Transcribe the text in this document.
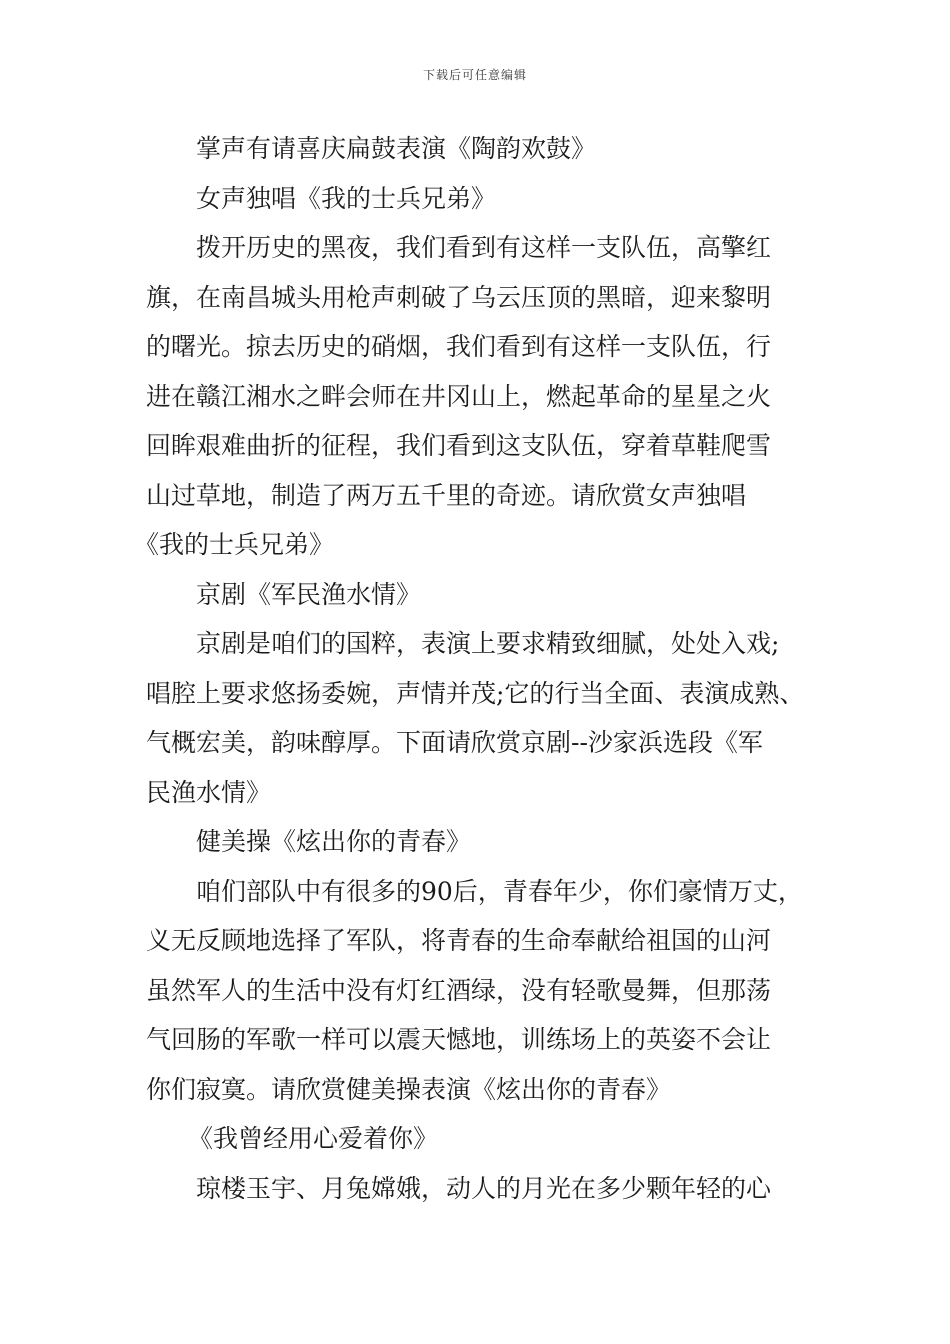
下载后可任意编辑
掌声有请喜庆扁鼓表演《陶韵欢鼓》
女声独唱《我的士兵兄弟》
拨开历史的黑夜，我们看到有这样一支队伍，高擎红
旗，在南昌城头用枪声刺破了乌云压顶的黑暗，迎来黎明
的曙光。掠去历史的硝烟，我们看到有这样一支队伍，行
进在赣江湘水之畔会师在井冈山上，燃起革命的星星之火
回眸艰难曲折的征程，我们看到这支队伍，穿着草鞋爬雪
山过草地，制造了两万五千里的奇迹。请欣赏女声独唱
《我的士兵兄弟》
京剧《军民渔水情》
京剧是咱们的国粹，表演上要求精致细腻，处处入戏;
唱腔上要求悠扬委婉，声情并茂;它的行当全面、表演成熟、
气概宏美，韵味醇厚。下面请欣赏京剧--沙家浜选段《军
民渔水情》
健美操《炫出你的青春》
咱们部队中有很多的90后，青春年少，你们豪情万丈，
义无反顾地选择了军队，将青春的生命奉献给祖国的山河
虽然军人的生活中没有灯红酒绿，没有轻歌曼舞，但那荡
气回肠的军歌一样可以震天憾地，训练场上的英姿不会让
你们寂寞。请欣赏健美操表演《炫出你的青春》
《我曾经用心爱着你》
琼楼玉宇、月兔嫦娥，动人的月光在多少颗年轻的心
